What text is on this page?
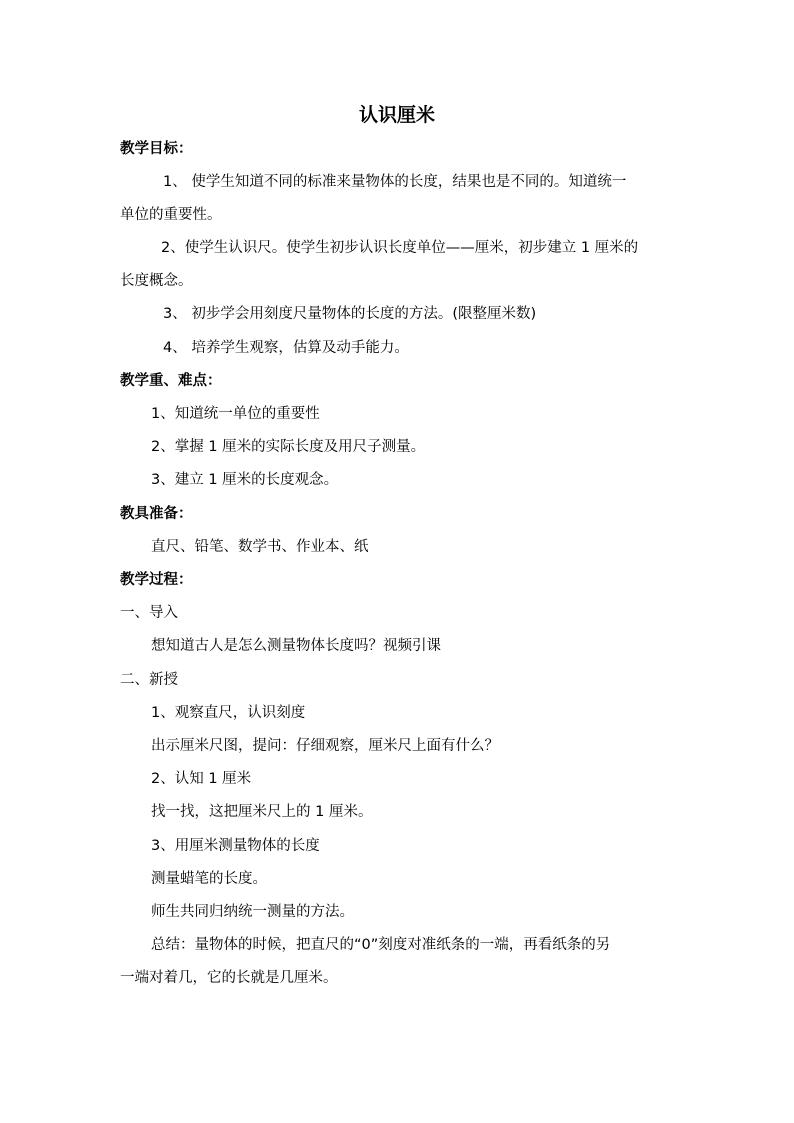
认识厘米

教学目标：

1、 使学生知道不同的标准来量物体的长度，结果也是不同的。知道统一

单位的重要性。

2、使学生认识尺。使学生初步认识长度单位——厘米，初步建立 1 厘米的

长度概念。

3、 初步学会用刻度尺量物体的长度的方法。(限整厘米数)

4、 培养学生观察，估算及动手能力。

教学重、难点：

1、知道统一单位的重要性

2、掌握 1 厘米的实际长度及用尺子测量。

3、建立 1 厘米的长度观念。

教具准备：

直尺、铅笔、数学书、作业本、纸

教学过程：

一、导入

想知道古人是怎么测量物体长度吗？视频引课

二、新授

1、观察直尺，认识刻度

出示厘米尺图，提问：仔细观察，厘米尺上面有什么？

2、认知 1 厘米

找一找，这把厘米尺上的 1 厘米。

3、用厘米测量物体的长度

测量蜡笔的长度。

师生共同归纳统一测量的方法。

总结：量物体的时候，把直尺的“0”刻度对准纸条的一端，再看纸条的另

一端对着几，它的长就是几厘米。
